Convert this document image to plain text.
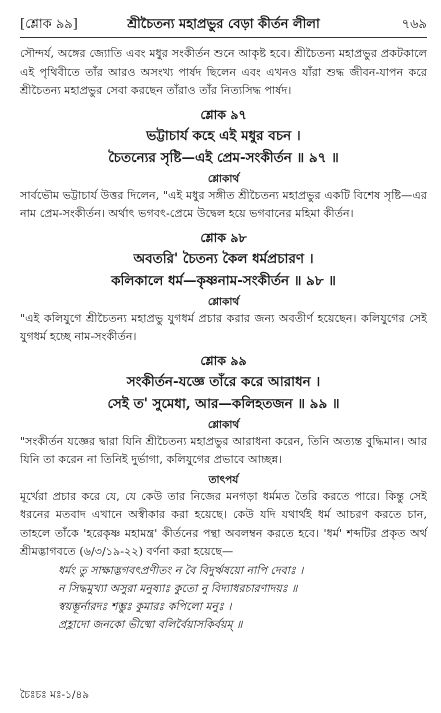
[শ্লোক ৯৯]	শ্রীচৈতন্য মহাপ্রভুর বেড়া কীর্তন লীলা	৭৬৯

সৌন্দর্য, অঙ্গের জ্যোতি এবং মধুর সংকীর্তন শুনে আকৃষ্ট হবে। শ্রীচৈতন্য মহাপ্রভুর প্রকটকালে এই পৃথিবীতে তাঁর আরও অসংখ্য পার্ষদ ছিলেন এবং এখনও যাঁরা শুদ্ধ জীবন-যাপন করে শ্রীচৈতন্য মহাপ্রভুর সেবা করছেন তাঁরাও তাঁর নিত্যসিদ্ধ পার্ষদ।

শ্লোক ৯৭

ভট্টাচার্য কহে এই মধুর বচন ।

চৈতন্যের সৃষ্টি—এই প্রেম-সংকীর্তন ॥ ৯৭ ॥

শ্লোকার্থ

সার্বভৌম ভট্টাচার্য উত্তর দিলেন, "এই মধুর সঙ্গীত শ্রীচৈতন্য মহাপ্রভুর একটি বিশেষ সৃষ্টি—এর নাম প্রেম-সংকীর্তন। অর্থাৎ ভগবৎ-প্রেমে উদ্বেল হয়ে ভগবানের মহিমা কীর্তন।

শ্লোক ৯৮

অবতরি' চৈতন্য কৈল ধর্মপ্রচারণ ।

কলিকালে ধর্ম—কৃষ্ণনাম-সংকীর্তন ॥ ৯৮ ॥

শ্লোকার্থ

"এই কলিযুগে শ্রীচৈতন্য মহাপ্রভু যুগধর্ম প্রচার করার জন্য অবতীর্ণ হয়েছেন। কলিযুগের সেই যুগধর্ম হচ্ছে নাম-সংকীর্তন।

শ্লোক ৯৯

সংকীর্তন-যজ্ঞে তাঁরে করে আরাধন ।

সেই ত' সুমেধা, আর—কলিহতজন ॥ ৯৯ ॥

শ্লোকার্থ

"সংকীর্তন যজ্ঞের দ্বারা যিনি শ্রীচৈতন্য মহাপ্রভুর আরাধনা করেন, তিনি অত্যন্ত বুদ্ধিমান। আর যিনি তা করেন না তিনিই দুর্ভাগা, কলিযুগের প্রভাবে আচ্ছন্ন।

তাৎপর্য

মূর্খেরা প্রচার করে যে, যে কেউ তার নিজের মনগড়া ধর্মমত তৈরি করতে পারে। কিন্তু সেই ধরনের মতবাদ এখানে অস্বীকার করা হয়েছে। কেউ যদি যথার্থই ধর্ম আচরণ করতে চান, তাহলে তাঁকে 'হরেকৃষ্ণ মহামন্ত্র' কীর্তনের পন্থা অবলম্বন করতে হবে। 'ধর্ম' শব্দটির প্রকৃত অর্থ শ্রীমদ্ভাগবতে (৬/৩/১৯-২২) বর্ণনা করা হয়েছে—

ধর্মং তু সাক্ষাদ্ভগবৎপ্রণীতং ন বৈ বিদুর্ঋষয়ো নাপি দেবাঃ ।

ন সিদ্ধমুখ্যা অসুরা মনুষ্যাঃ কুতো নু বিদ্যাধরচারণাদয়ঃ ॥

স্বয়ম্ভূর্নারদঃ শম্ভুঃ কুমারঃ কপিলো মনুঃ ।

প্রহ্লাদো জনকো ভীষ্মো বলির্বৈয়াসকির্বয়ম্ ॥

চৈঃচঃ মঃ-১/৪৯
